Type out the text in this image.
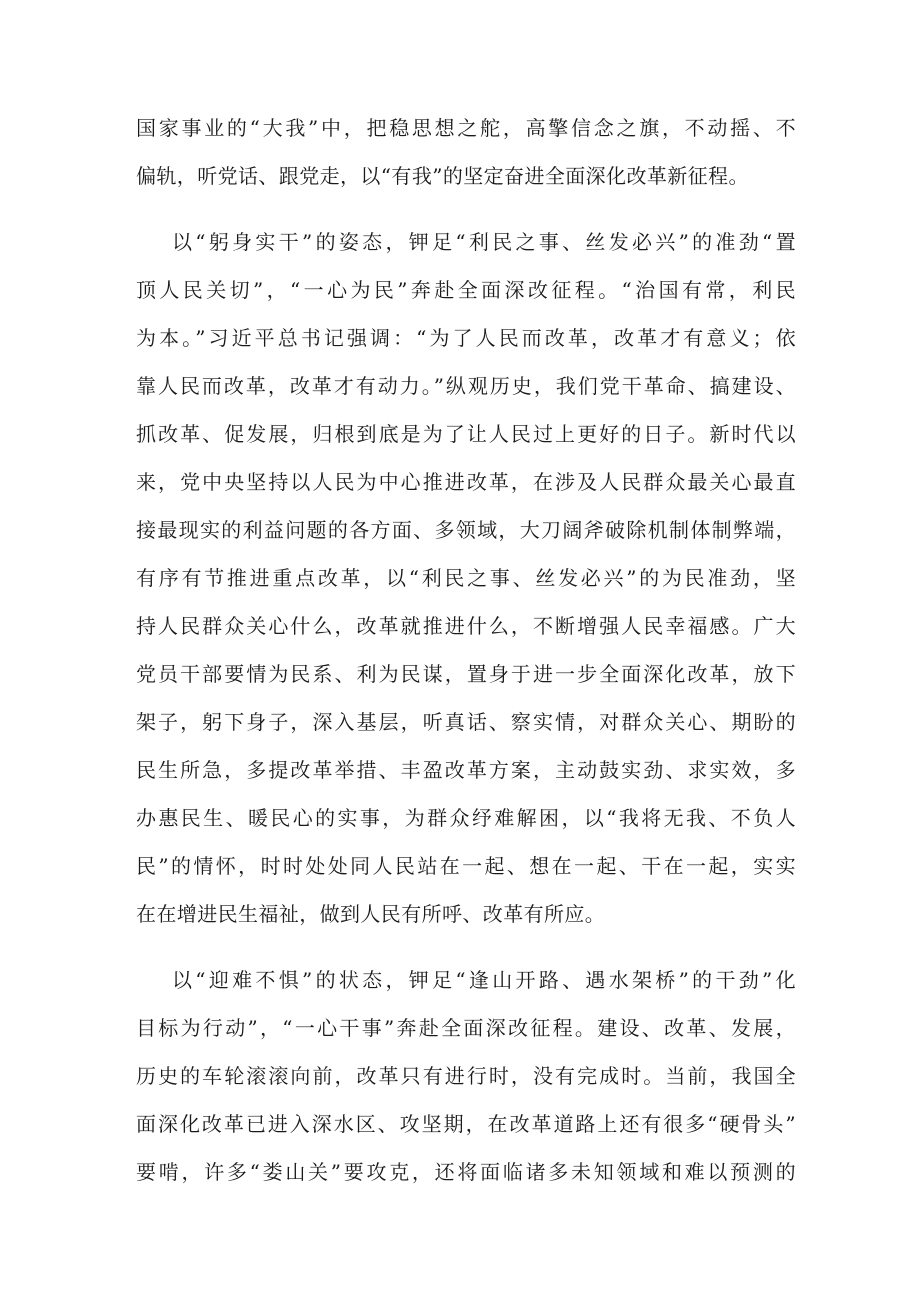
国家事业的“大我”中，把稳思想之舵，高擎信念之旗，不动摇、不
偏轨，听党话、跟党走，以“有我”的坚定奋进全面深化改革新征程。
以“躬身实干”的姿态，钾足“利民之事、丝发必兴”的准劲“置
顶人民关切”，“一心为民”奔赴全面深改征程。“治国有常，利民
为本。”习近平总书记强调：“为了人民而改革，改革才有意义；依
靠人民而改革，改革才有动力。”纵观历史，我们党干革命、搞建设、
抓改革、促发展，归根到底是为了让人民过上更好的日子。新时代以
来，党中央坚持以人民为中心推进改革，在涉及人民群众最关心最直
接最现实的利益问题的各方面、多领域，大刀阔斧破除机制体制弊端，
有序有节推进重点改革，以“利民之事、丝发必兴”的为民准劲，坚
持人民群众关心什么，改革就推进什么，不断增强人民幸福感。广大
党员干部要情为民系、利为民谋，置身于进一步全面深化改革，放下
架子，躬下身子，深入基层，听真话、察实情，对群众关心、期盼的
民生所急，多提改革举措、丰盈改革方案，主动鼓实劲、求实效，多
办惠民生、暖民心的实事，为群众纾难解困，以“我将无我、不负人
民”的情怀，时时处处同人民站在一起、想在一起、干在一起，实实
在在增进民生福祉，做到人民有所呼、改革有所应。
以“迎难不惧”的状态，钾足“逢山开路、遇水架桥”的干劲”化
目标为行动”，“一心干事”奔赴全面深改征程。建设、改革、发展，
历史的车轮滚滚向前，改革只有进行时，没有完成时。当前，我国全
面深化改革已进入深水区、攻坚期，在改革道路上还有很多“硬骨头”
要啃，许多“娄山关”要攻克，还将面临诸多未知领域和难以预测的
